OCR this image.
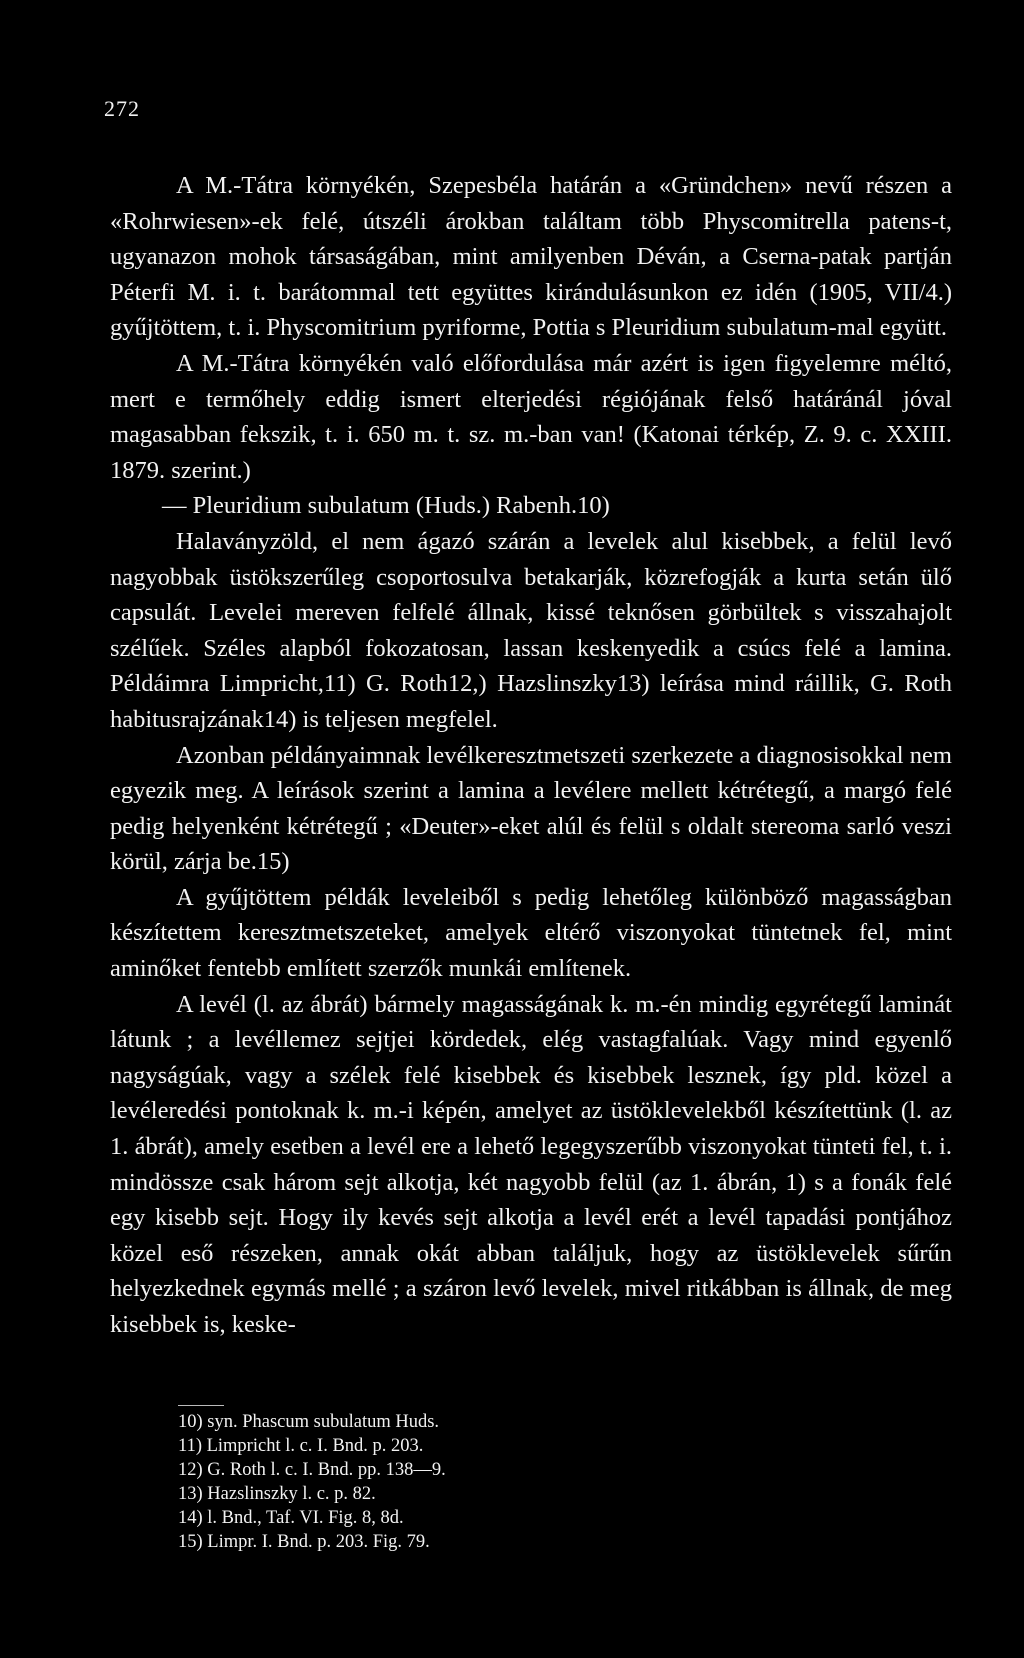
272

A M.-Tátra környékén, Szepesbéla határán a «Gründchen» nevű részen a «Rohrwiesen»-ek felé, útszéli árokban találtam több Physcomitrella patens-t, ugyanazon mohok társaságában, mint amilyenben Déván, a Cserna-patak partján Péterfi M. i. t. barátommal tett együttes kirándulásunkon ez idén (1905, VII/4.) gyűjtöttem, t. i. Physcomitrium pyriforme, Pottia s Pleuridium subulatum-mal együtt.

A M.-Tátra környékén való előfordulása már azért is igen figyelemre méltó, mert e termőhely eddig ismert elterjedési régiójának felső határánál jóval magasabban fekszik, t. i. 650 m. t. sz. m.-ban van! (Katonai térkép, Z. 9. c. XXIII. 1879. szerint.)

— Pleuridium subulatum (Huds.) Rabenh.10)

Halaványzöld, el nem ágazó szárán a levelek alul kisebbek, a felül levő nagyobbak üstökszerűleg csoportosulva betakarják, közrefogják a kurta setán ülő capsulát. Levelei mereven felfelé állnak, kissé teknősen görbültek s visszahajolt szélűek. Széles alapból fokozatosan, lassan keskenyedik a csúcs felé a lamina. Példáimra Limpricht,11) G. Roth12,) Hazslinszky13) leírása mind ráillik, G. Roth habitusrajzának14) is teljesen megfelel.

Azonban példányaimnak levélkeresztmetszeti szerkezete a diagnosisokkal nem egyezik meg. A leírások szerint a lamina a levélere mellett kétrétegű, a margó felé pedig helyenként kétrétegű ; «Deuter»-eket alúl és felül s oldalt stereoma sarló veszi körül, zárja be.15)

A gyűjtöttem példák leveleiből s pedig lehetőleg különböző magasságban készítettem keresztmetszeteket, amelyek eltérő viszonyokat tüntetnek fel, mint aminőket fentebb említett szerzők munkái említenek.

A levél (l. az ábrát) bármely magasságának k. m.-én mindig egyrétegű laminát látunk ; a levéllemez sejtjei kördedek, elég vastagfalúak. Vagy mind egyenlő nagyságúak, vagy a szélek felé kisebbek és kisebbek lesznek, így pld. közel a levéleredési pontoknak k. m.-i képén, amelyet az üstöklevelekből készítettünk (l. az 1. ábrát), amely esetben a levél ere a lehető legegyszerűbb viszonyokat tünteti fel, t. i. mindössze csak három sejt alkotja, két nagyobb felül (az 1. ábrán, 1) s a fonák felé egy kisebb sejt. Hogy ily kevés sejt alkotja a levél erét a levél tapadási pontjához közel eső részeken, annak okát abban találjuk, hogy az üstöklevelek sűrűn helyezkednek egymás mellé ; a száron levő levelek, mivel ritkábban is állnak, de meg kisebbek is, keske-

10) syn. Phascum subulatum Huds.
11) Limpricht l. c. I. Bnd. p. 203.
12) G. Roth l. c. I. Bnd. pp. 138—9.
13) Hazslinszky l. c. p. 82.
14) l. Bnd., Taf. VI. Fig. 8, 8d.
15) Limpr. I. Bnd. p. 203. Fig. 79.
